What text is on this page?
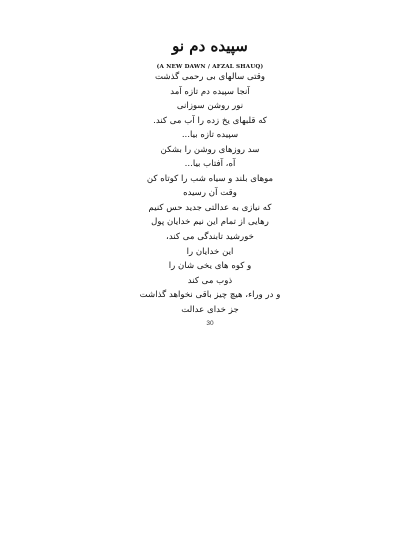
سپیده دم نو
(A NEW DAWN / AFZAL SHAUQ)
وقتی سالهای بی رحمی گذشت
آنجا سپیده دم تازه آمد
نور روشن سوزانی
که قلبهای یخ زده را آب می کند.
سپیده تازه بیا...
سد روزهای روشن را بشکن
آه، آفتاب بیا...
موهای بلند و سیاه شب را کوتاه کن
وقت آن رسیده
که نیازی به عدالتی جدید حس کنیم
رهایی از تمام این نیم خدایان پول
خورشید تابندگی می کند،
این خدایان را
و کوه های یخی شان را
ذوب می کند
و در وراء، هیچ چیز باقی نخواهد گذاشت
جز خدای عدالت
30
